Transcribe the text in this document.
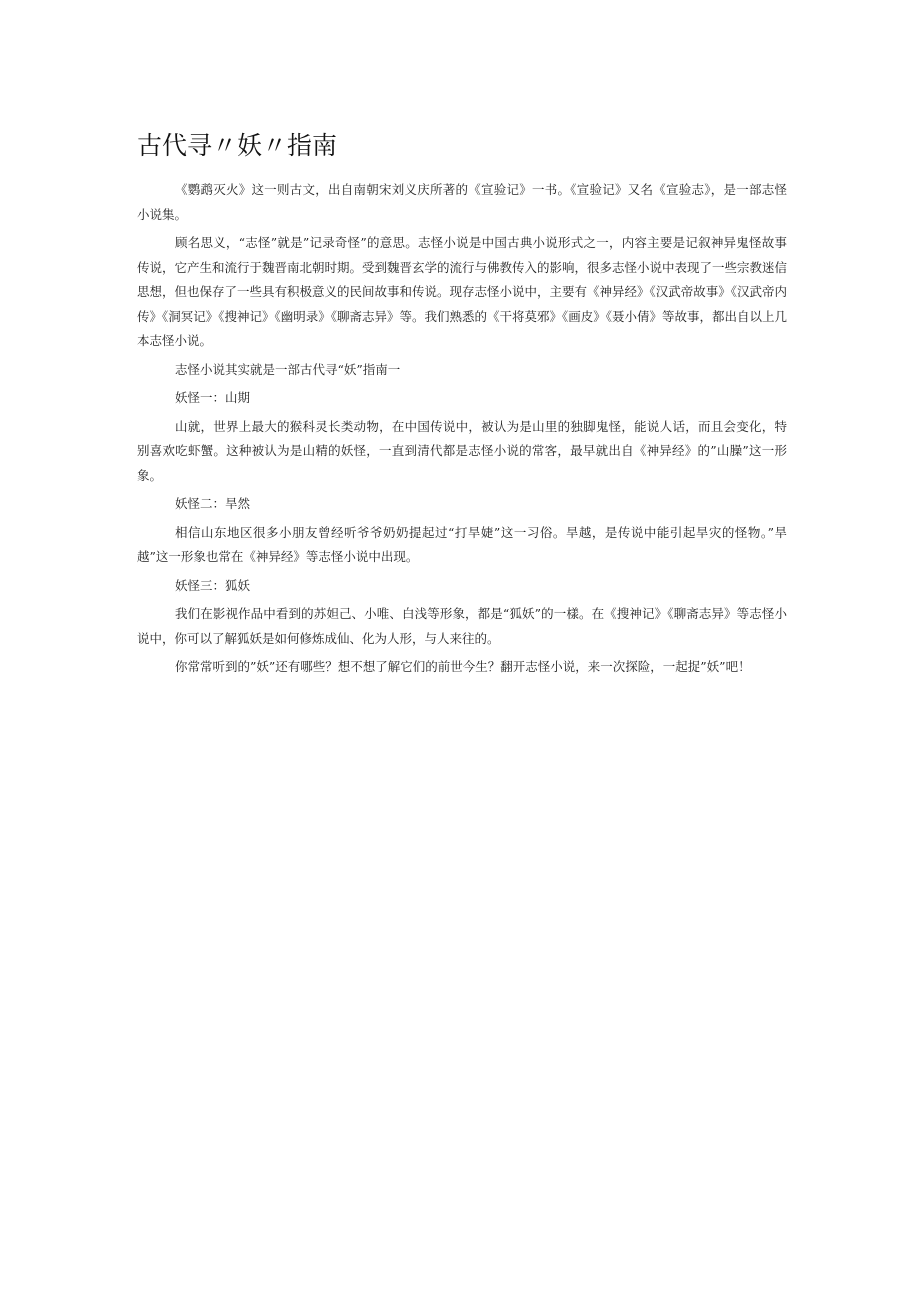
古代寻〃妖〃指南

《鹦鹉灭火》这一则古文，出自南朝宋刘义庆所著的《宣验记》一书。《宣验记》又名《宣验志》，是一部志怪小说集。

顾名思义，“志怪”就是”记录奇怪”的意思。志怪小说是中国古典小说形式之一，内容主要是记叙神异鬼怪故事传说，它产生和流行于魏晋南北朝时期。受到魏晋玄学的流行与佛教传入的影响，很多志怪小说中表现了一些宗教迷信思想，但也保存了一些具有积极意义的民间故事和传说。现存志怪小说中，主要有《神异经》《汉武帝故事》《汉武帝内传》《洞冥记》《搜神记》《幽明录》《聊斋志异》等。我们熟悉的《干将莫邪》《画皮》《聂小倩》等故事，都出自以上几本志怪小说。

志怪小说其实就是一部古代寻“妖”指南一

妖怪一：山期

山就，世界上最大的猴科灵长类动物，在中国传说中，被认为是山里的独脚鬼怪，能说人话，而且会变化，特别喜欢吃虾蟹。这种被认为是山精的妖怪，一直到清代都是志怪小说的常客，最早就出自《神异经》的”山臊”这一形象。

妖怪二：旱然

相信山东地区很多小朋友曾经听爷爷奶奶提起过“打旱婕”这一习俗。旱越，是传说中能引起旱灾的怪物。”旱越”这一形象也常在《神异经》等志怪小说中出现。

妖怪三：狐妖

我们在影视作品中看到的苏妲己、小唯、白浅等形象，都是“狐妖”的一樣。在《搜神记》《聊斋志异》等志怪小说中，你可以了解狐妖是如何修炼成仙、化为人形，与人来往的。

你常常听到的”妖”还有哪些？想不想了解它们的前世今生？翻开志怪小说，来一次探险，一起捉”妖”吧！
